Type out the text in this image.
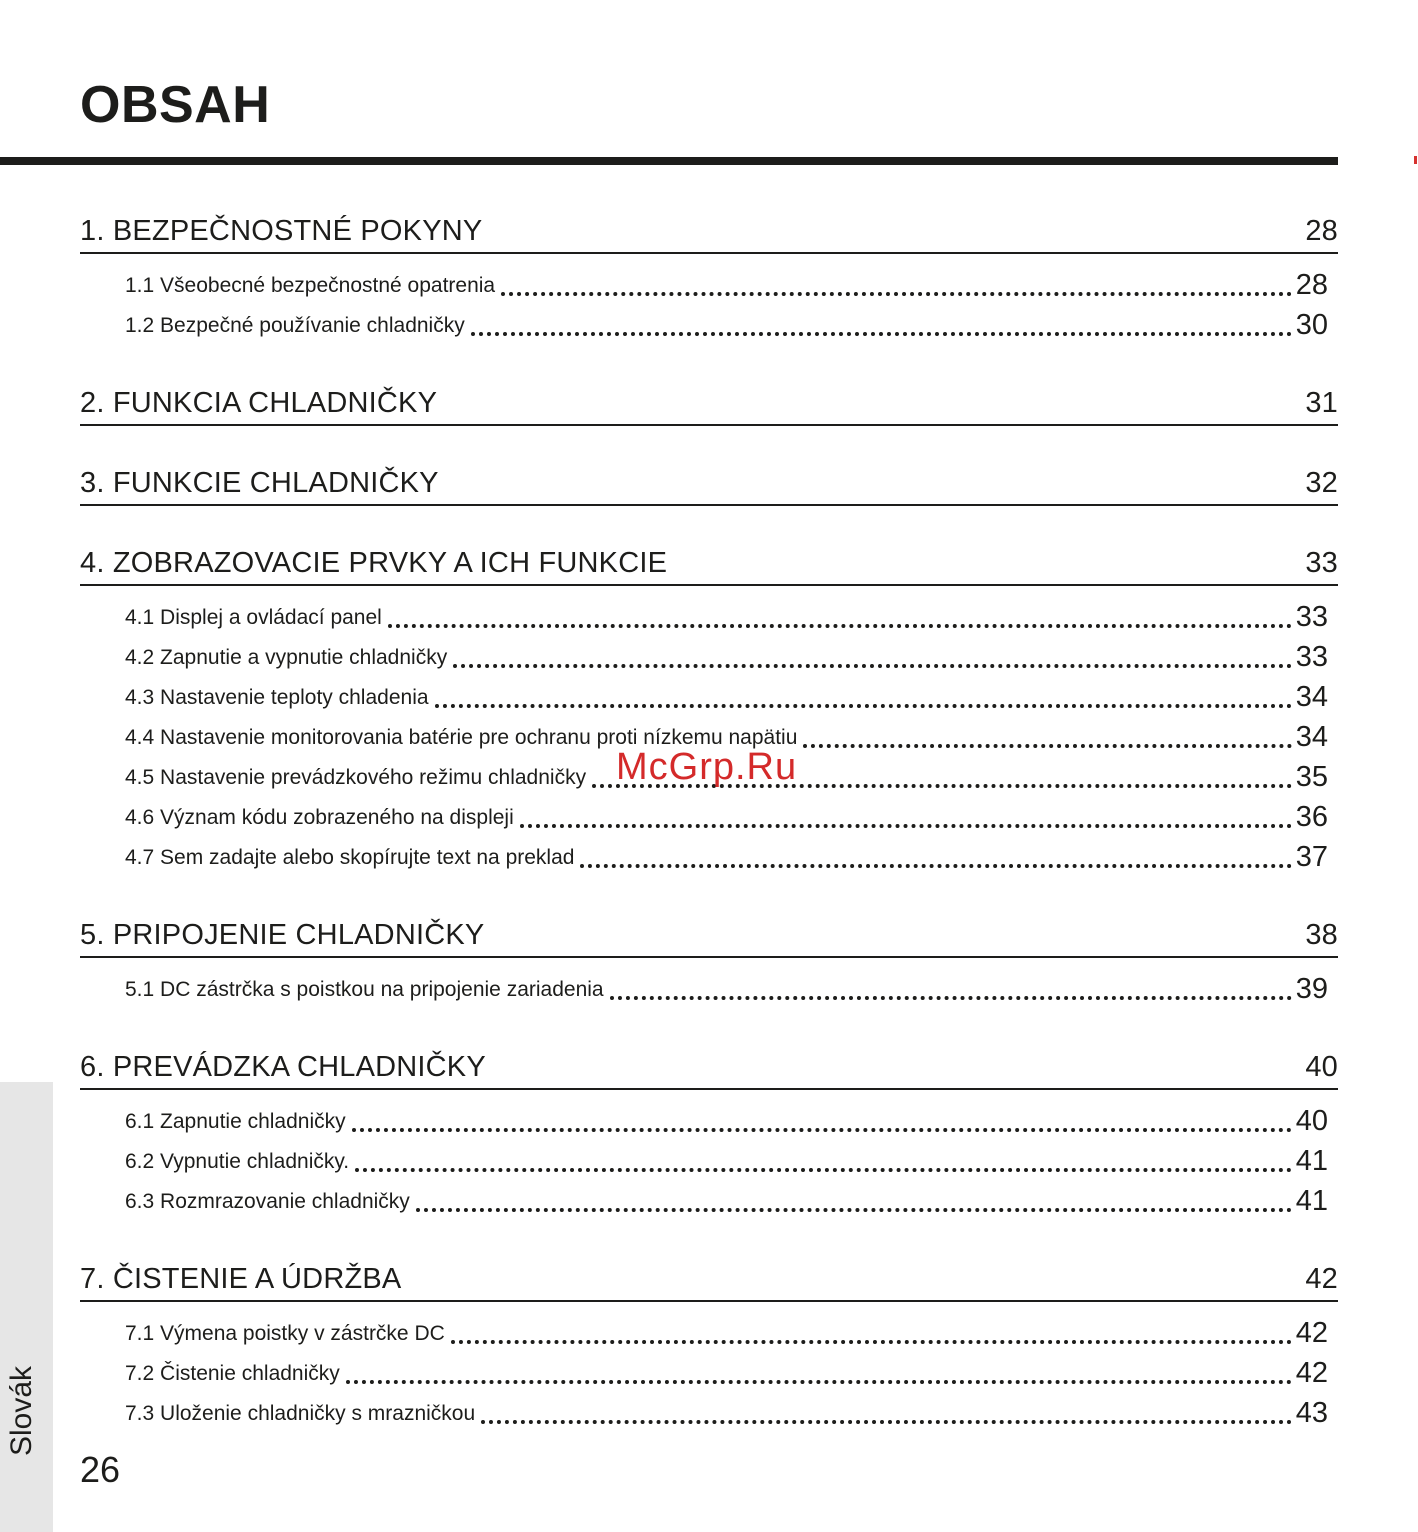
OBSAH
1. BEZPEČNOSTNÉ POKYNY	28
1.1 Všeobecné bezpečnostné opatrenia	28
1.2 Bezpečné používanie chladničky	30
2. FUNKCIA CHLADNIČKY	31
3. FUNKCIE CHLADNIČKY	32
4. ZOBRAZOVACIE PRVKY A ICH FUNKCIE	33
4.1 Displej a ovládací panel	33
4.2 Zapnutie a vypnutie chladničky	33
4.3 Nastavenie teploty chladenia	34
4.4 Nastavenie monitorovania batérie pre ochranu proti nízkemu napätiu	34
4.5 Nastavenie prevádzkového režimu chladničky	35
4.6 Význam kódu zobrazeného na displeji	36
4.7 Sem zadajte alebo skopírujte text na preklad	37
5. PRIPOJENIE CHLADNIČKY	38
5.1 DC zástrčka s poistkou na pripojenie zariadenia	39
6. PREVÁDZKA CHLADNIČKY	40
6.1 Zapnutie chladničky	40
6.2 Vypnutie chladničky.	41
6.3 Rozmrazovanie chladničky	41
7. ČISTENIE A ÚDRŽBA	42
7.1 Výmena poistky v zástrčke DC	42
7.2 Čistenie chladničky	42
7.3 Uloženie chladničky s mrazničkou	43
Slovák
26
McGrp.Ru
